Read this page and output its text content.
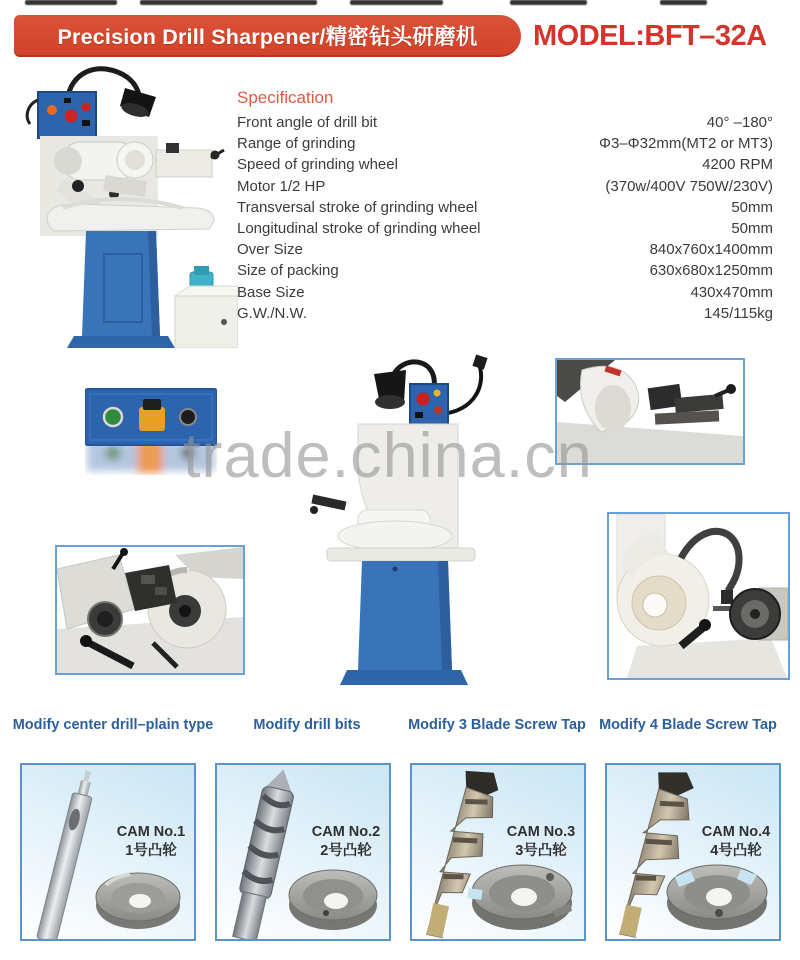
Precision Drill Sharpener/精密钻头研磨机 MODEL:BFT–32A
Specification
Front angle of drill bit	40° –180°
Range of grinding	Φ3–Φ32mm(MT2 or MT3)
Speed of grinding wheel	4200 RPM
Motor 1/2 HP	(370w/400V 750W/230V)
Transversal stroke of grinding wheel	50mm
Longitudinal stroke of grinding wheel	50mm
Over Size	840x760x1400mm
Size of packing	630x680x1250mm
Base Size	430x470mm
G.W./N.W.	145/115kg
trade.china.cn
Modify center drill–plain type	Modify drill bits	Modify 3 Blade Screw Tap Modify 4 Blade Screw Tap
CAM No.1
1号凸轮
CAM No.2
2号凸轮
CAM No.3
3号凸轮
CAM No.4
4号凸轮
